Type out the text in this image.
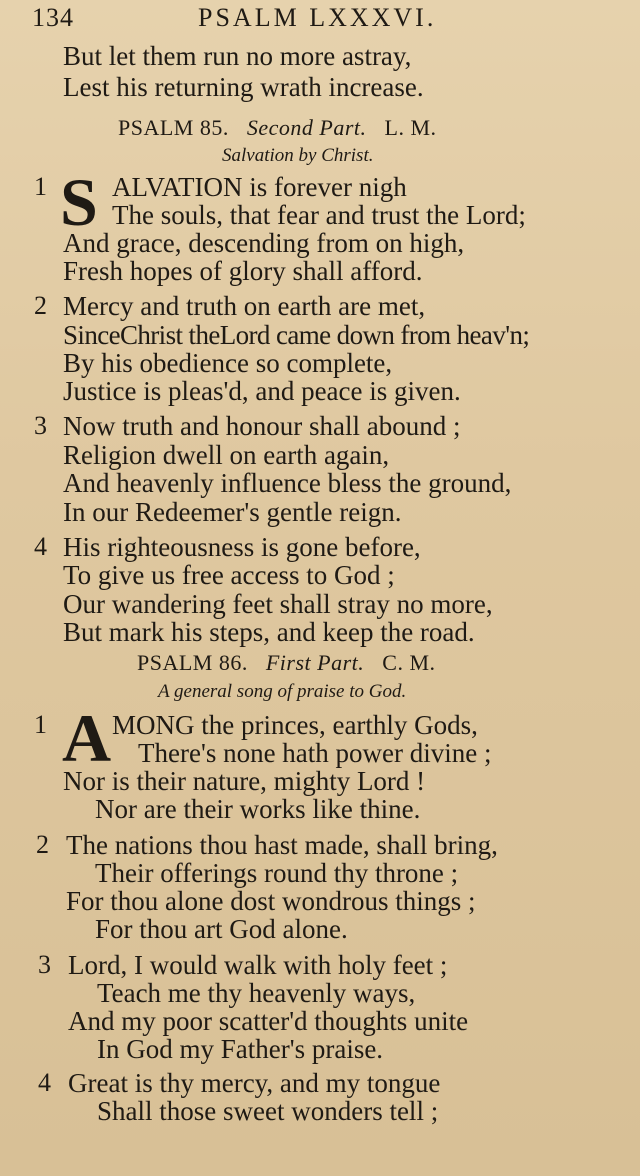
134	PSALM LXXXVI.
But let them run no more astray,
Lest his returning wrath increase.
PSALM 85. Second Part. L. M.
Salvation by Christ.
1 S ALVATION is forever nigh
The souls, that fear and trust the Lord;
And grace, descending from on high,
Fresh hopes of glory shall afford.
2 Mercy and truth on earth are met,
SinceChrist theLord came down from heav'n;
By his obedience so complete,
Justice is pleas'd, and peace is given.
3 Now truth and honour shall abound ;
Religion dwell on earth again,
And heavenly influence bless the ground,
In our Redeemer's gentle reign.
4 His righteousness is gone before,
To give us free access to God ;
Our wandering feet shall stray no more,
But mark his steps, and keep the road.
PSALM 86. First Part. C. M.
A general song of praise to God.
1 A MONG the princes, earthly Gods,
There's none hath power divine ;
Nor is their nature, mighty Lord !
Nor are their works like thine.
2 The nations thou hast made, shall bring,
Their offerings round thy throne ;
For thou alone dost wondrous things ;
For thou art God alone.
3 Lord, I would walk with holy feet ;
Teach me thy heavenly ways,
And my poor scatter'd thoughts unite
In God my Father's praise.
4 Great is thy mercy, and my tongue
Shall those sweet wonders tell ;
